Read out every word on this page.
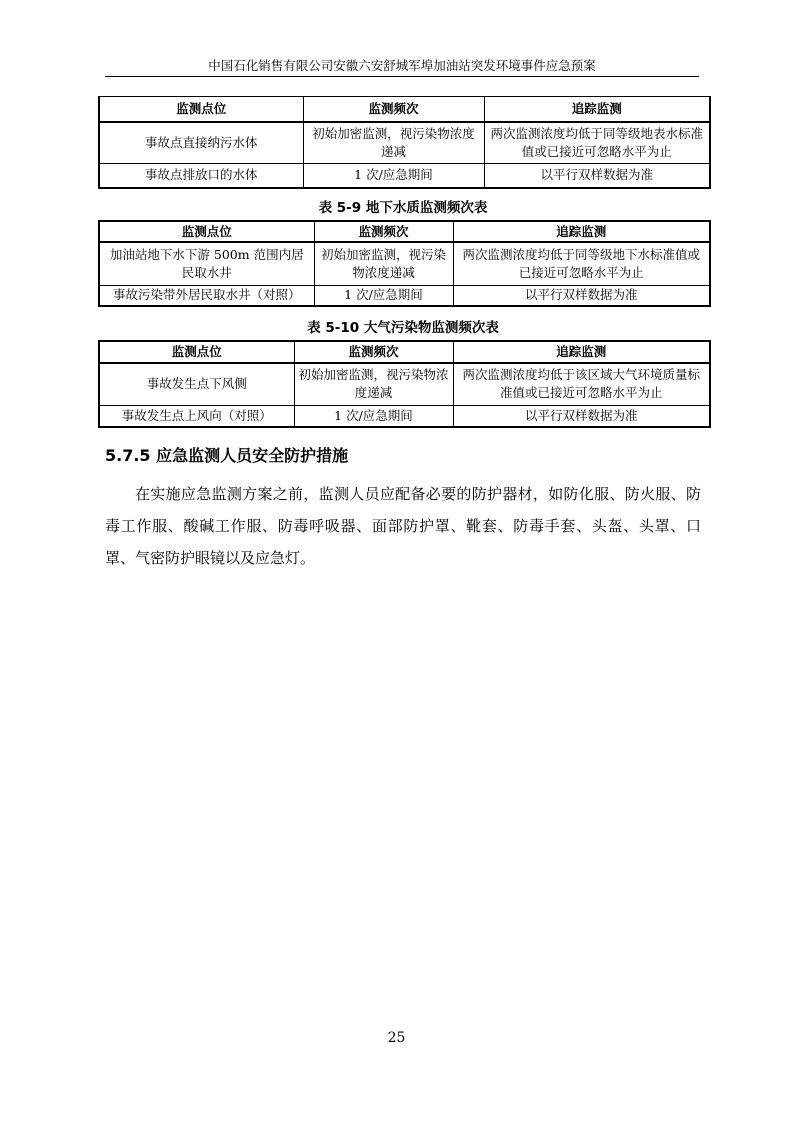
中国石化销售有限公司安徽六安舒城军埠加油站突发环境事件应急预案
监测点位	监测频次	追踪监测
事故点直接纳污水体	初始加密监测，视污染物浓度递减	两次监测浓度均低于同等级地表水标准值或已接近可忽略水平为止
事故点排放口的水体	1 次/应急期间	以平行双样数据为准
表 5-9 地下水质监测频次表
监测点位	监测频次	追踪监测
加油站地下水下游 500m 范围内居民取水井	初始加密监测，视污染物浓度递减	两次监测浓度均低于同等级地下水标准值或已接近可忽略水平为止
事故污染带外居民取水井（对照）	1 次/应急期间	以平行双样数据为准
表 5-10 大气污染物监测频次表
监测点位	监测频次	追踪监测
事故发生点下风侧	初始加密监测，视污染物浓度递减	两次监测浓度均低于该区域大气环境质量标准值或已接近可忽略水平为止
事故发生点上风向（对照）	1 次/应急期间	以平行双样数据为准
5.7.5 应急监测人员安全防护措施
在实施应急监测方案之前，监测人员应配备必要的防护器材，如防化服、防火服、防毒工作服、酸碱工作服、防毒呼吸器、面部防护罩、靴套、防毒手套、头盔、头罩、口罩、气密防护眼镜以及应急灯。
25
